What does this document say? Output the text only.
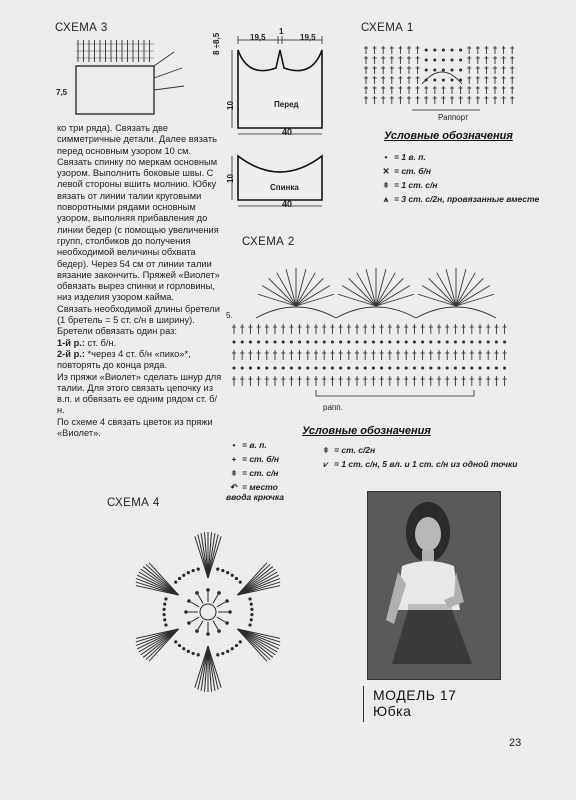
СХЕМА 3
7,5
19,5
1
19,5
8 ÷8,5
10	Перед
40
10
Спинка
40
СХЕМА 1
Раппорт
Условные обозначения
• = 1 в. п.
✕ = ст. б/н
ǂ = 1 ст. с/н
⩚ = 3 ст. с/2н, провязанные вместе

ко три ряда). Связать две симметричные детали. Далее вязать перед основным узором 10 см.

Связать спинку по меркам основным узором. Выполнить боковые швы. С левой стороны вшить молнию. Юбку вязать от линии талии круговыми поворотными рядами основным узором, выполняя прибавления до линии бедер (с помощью увеличения групп, столбиков до получения необходимой величины обхвата бедер). Через 54 см от линии талии вязание закончить. Пряжей «Виолет» обвязать вырез спинки и горловины, низ изделия узором кайма.

Связать необходимой длины бретели (1 бретель = 5 ст. с/н в ширину). Бретели обвязать один раз:

1-й р.: ст. б/н.

2-й р.: *через 4 ст. б/н «пико»*, повторять до конца ряда.

Из пряжи «Виолет» сделать шнур для талии. Для этого связать цепочку из в.п. и обвязать ее одним рядом ст. б/н.

По схеме 4 связать цветок из пряжи «Виолет».

СХЕМА 2
5.
рапп.
Условные обозначения
• = в. п.
+ = ст. б/н
ǂ = ст. с/н
↶ = место ввода крючка
ǂ = ст. с/2н
⩗ = 1 ст. с/н, 5 вл. и 1 ст. с/н из одной точки
СХЕМА 4
МОДЕЛЬ 17
Юбка
23
